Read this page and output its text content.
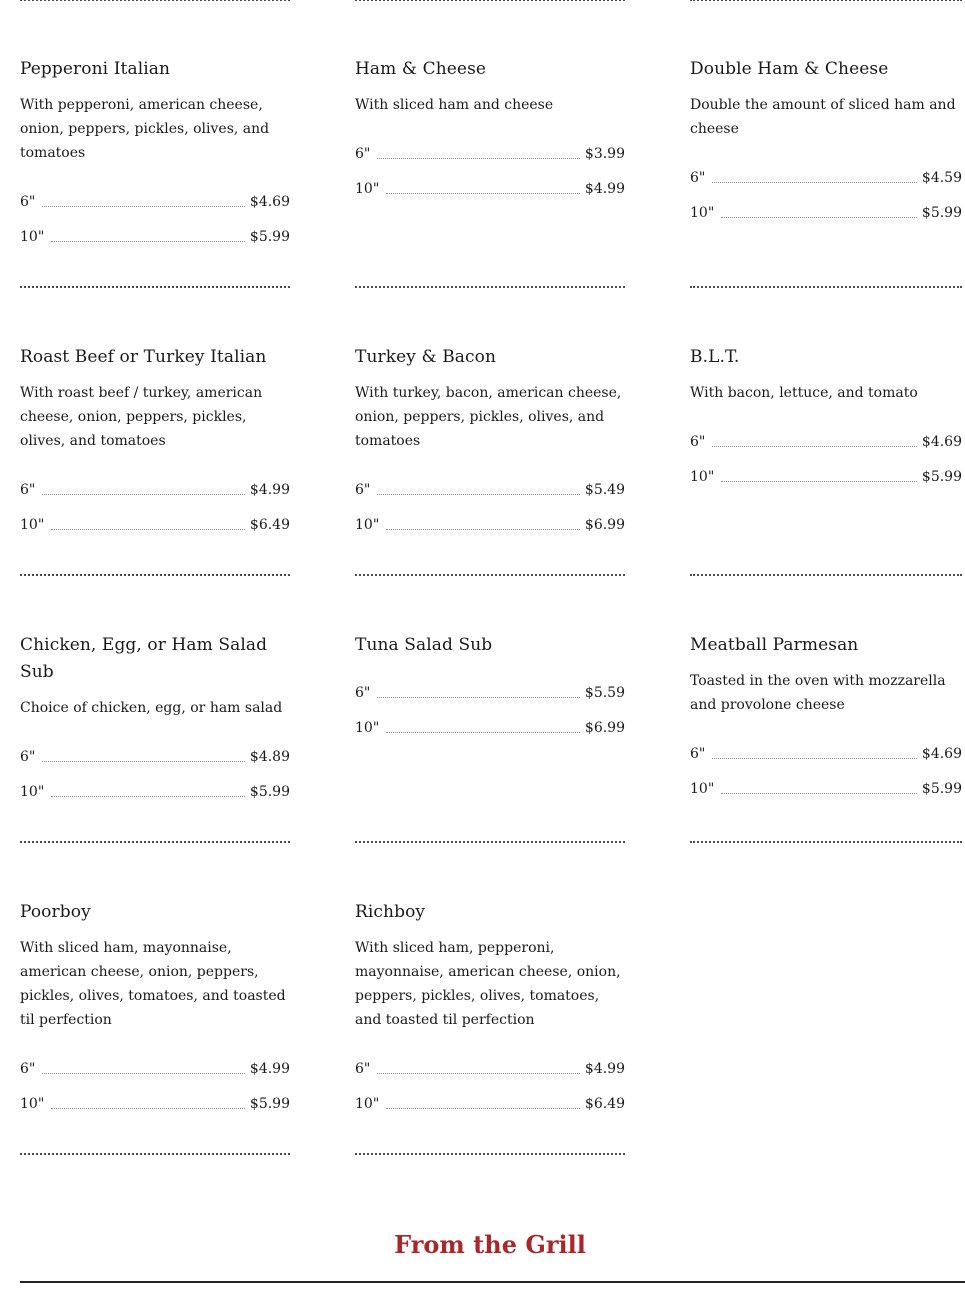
Pepperoni Italian

With pepperoni, american cheese, onion, peppers, pickles, olives, and tomatoes

6"	$4.69
10"	$5.99
Ham & Cheese

With sliced ham and cheese

6"	$3.99
10"	$4.99
Double Ham & Cheese

Double the amount of sliced ham and cheese

6"	$4.59
10"	$5.99
Roast Beef or Turkey Italian

With roast beef / turkey, american cheese, onion, peppers, pickles, olives, and tomatoes

6"	$4.99
10"	$6.49
Turkey & Bacon

With turkey, bacon, american cheese, onion, peppers, pickles, olives, and tomatoes

6"	$5.49
10"	$6.99
B.L.T.

With bacon, lettuce, and tomato

6"	$4.69
10"	$5.99
Chicken, Egg, or Ham Salad Sub

Choice of chicken, egg, or ham salad

6"	$4.89
10"	$5.99
Tuna Salad Sub
6"	$5.59
10"	$6.99
Meatball Parmesan

Toasted in the oven with mozzarella and provolone cheese

6"	$4.69
10"	$5.99
Poorboy

With sliced ham, mayonnaise, american cheese, onion, peppers, pickles, olives, tomatoes, and toasted til perfection

6"	$4.99
10"	$5.99
Richboy

With sliced ham, pepperoni, mayonnaise, american cheese, onion, peppers, pickles, olives, tomatoes, and toasted til perfection

6"	$4.99
10"	$6.49
From the Grill
